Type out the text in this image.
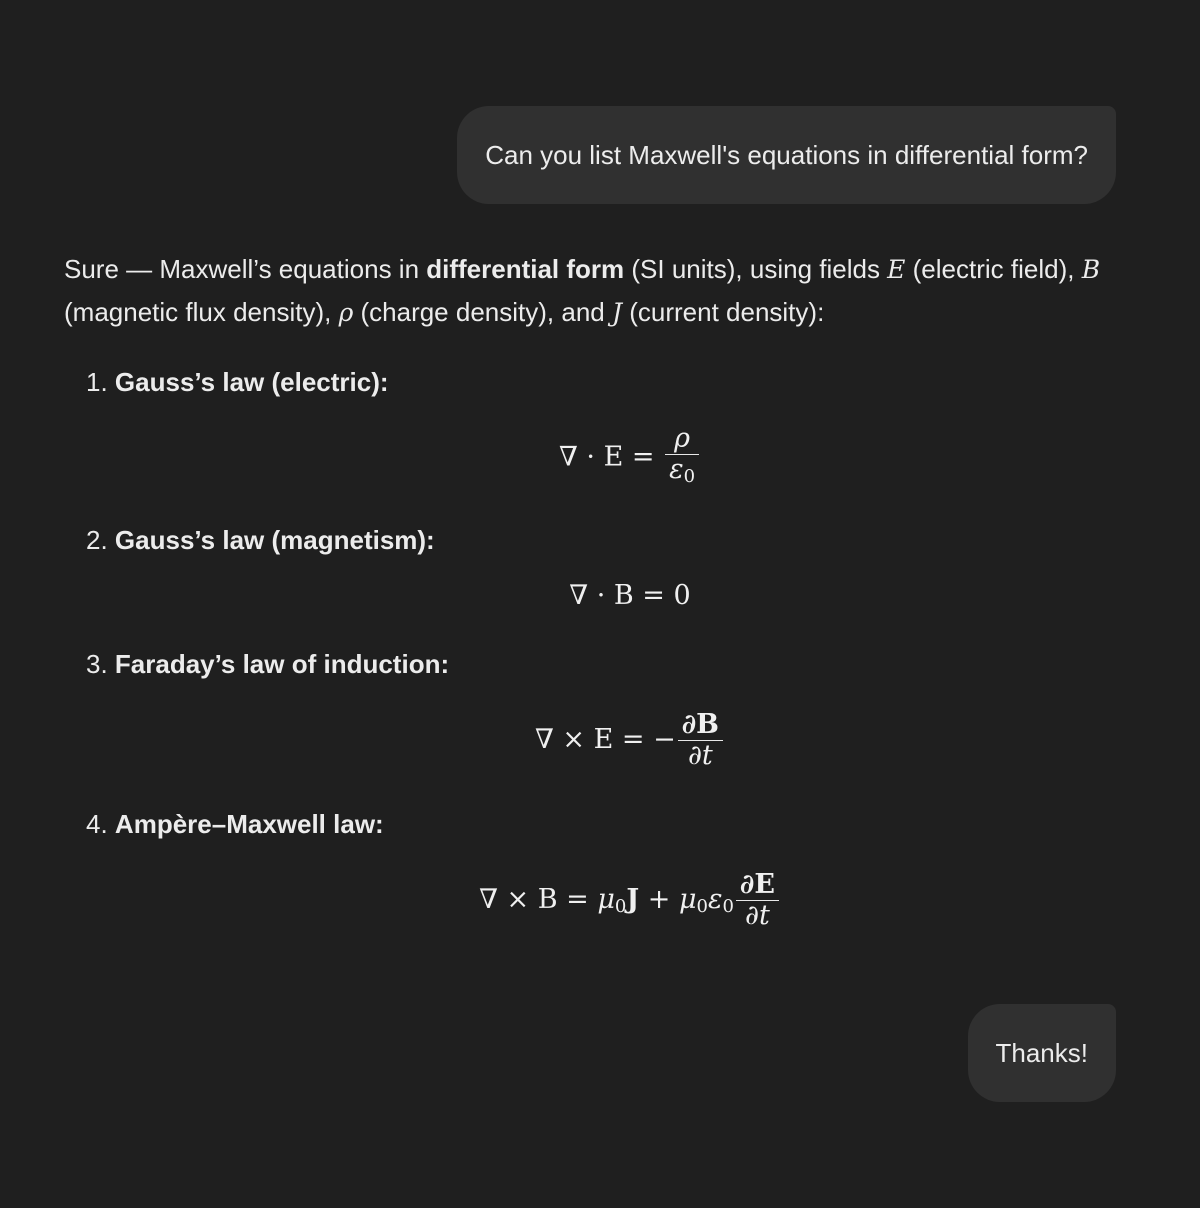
Can you list Maxwell's equations in differential form?

Sure — Maxwell’s equations in differential form (SI units), using fields E (electric field), B (magnetic flux density), ρ (charge density), and J (current density):

1. Gauss’s law (electric):
∇ · $E = \frac{\rho}{\varepsilon_0}$
2. Gauss’s law (magnetism):
∇ · B = 0
3. Faraday’s law of induction:
∇ × E = − $\frac{\partial B}{\partial t}$
4. Ampère–Maxwell law:
∇ × $B = \mu_0J + \mu_0\varepsilon_0 \frac{\partial E}{\partial t}$
Thanks!
